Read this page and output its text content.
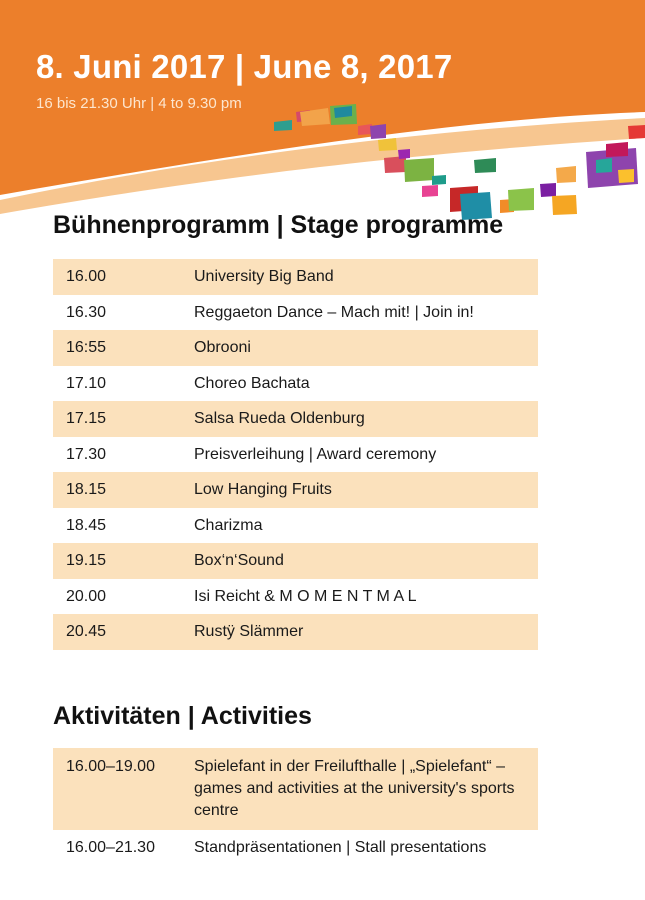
8. Juni 2017 | June 8, 2017
16 bis 21.30 Uhr | 4 to 9.30 pm
Bühnenprogramm | Stage programme
16.00	University Big Band
16.30	Reggaeton Dance – Mach mit! | Join in!
16:55	Obrooni
17.10	Choreo Bachata
17.15	Salsa Rueda Oldenburg
17.30	Preisverleihung | Award ceremony
18.15	Low Hanging Fruits
18.45	Charizma
19.15	Box‘n‘Sound
20.00	Isi Reicht & M O M E N T M A L
20.45	Rustÿ Slämmer
Aktivitäten | Activities
16.00–19.00	Spielefant in der Freilufthalle | „Spielefant“ – games and activities at the university's sports centre
16.00–21.30	Standpräsentationen | Stall presentations
